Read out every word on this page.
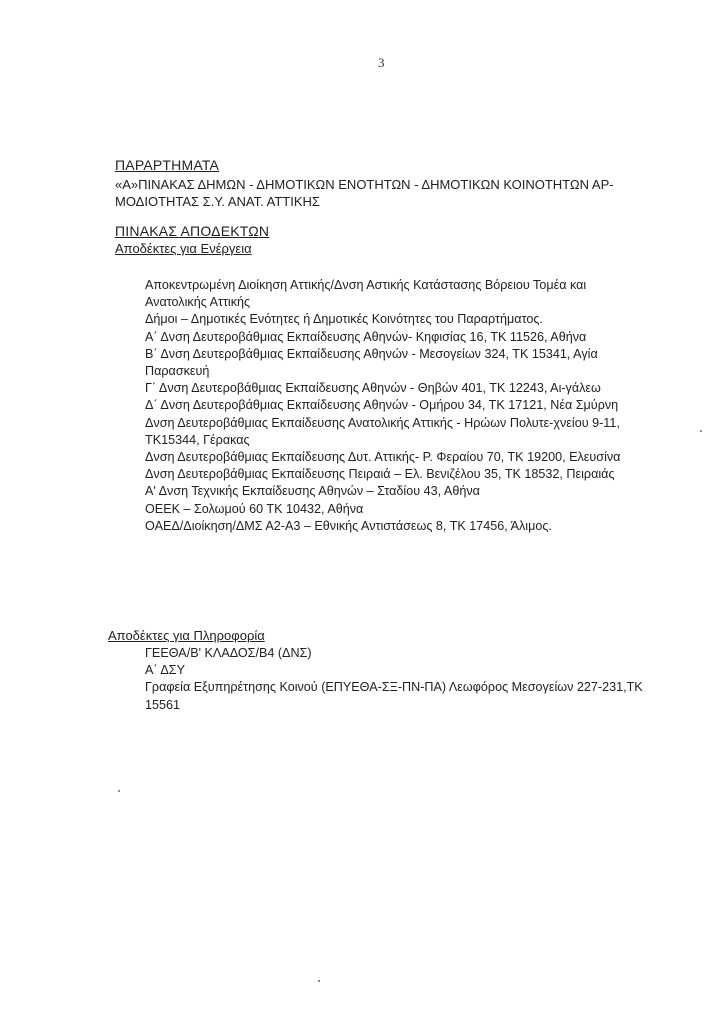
3
ΠΑΡΑΡΤΗΜΑΤΑ
«Α»ΠΙΝΑΚΑΣ ΔΗΜΩΝ - ΔΗΜΟΤΙΚΩΝ ΕΝΟΤΗΤΩΝ - ΔΗΜΟΤΙΚΩΝ ΚΟΙΝΟΤΗΤΩΝ ΑΡ-ΜΟΔΙΟΤΗΤΑΣ Σ.Υ. ΑΝΑΤ. ΑΤΤΙΚΗΣ
ΠΙΝΑΚΑΣ ΑΠΟΔΕΚΤΩΝ
Αποδέκτες για Ενέργεια

Αποκεντρωμένη Διοίκηση Αττικής/Δνση Αστικής Κατάστασης Βόρειου Τομέα και Ανατολικής Αττικής

Δήμοι – Δημοτικές Ενότητες ή Δημοτικές Κοινότητες του Παραρτήματος.

Α΄ Δνση Δευτεροβάθμιας Εκπαίδευσης Αθηνών- Κηφισίας 16, ΤΚ 11526, Αθήνα

Β΄ Δνση Δευτεροβάθμιας Εκπαίδευσης Αθηνών - Μεσογείων 324, ΤΚ 15341, Αγία Παρασκευή

Γ΄ Δνση Δευτεροβάθμιας Εκπαίδευσης Αθηνών - Θηβών 401, ΤΚ 12243, Αι-γάλεω

Δ΄ Δνση Δευτεροβάθμιας Εκπαίδευσης Αθηνών - Ομήρου 34, ΤΚ 17121, Νέα Σμύρνη

Δνση Δευτεροβάθμιας Εκπαίδευσης Ανατολικής Αττικής - Ηρώων Πολυτε-χνείου 9-11, ΤΚ15344, Γέρακας

Δνση Δευτεροβάθμιας Εκπαίδευσης Δυτ. Αττικής- Ρ. Φεραίου 70, ΤΚ 19200, Ελευσίνα

Δνση Δευτεροβάθμιας Εκπαίδευσης Πειραιά – Ελ. Βενιζέλου 35, ΤΚ 18532, Πειραιάς

Α' Δνση Τεχνικής Εκπαίδευσης Αθηνών – Σταδίου 43, Αθήνα

ΟΕΕΚ – Σολωμού 60 ΤΚ 10432, Αθήνα

ΟΑΕΔ/Διοίκηση/ΔΜΣ Α2-Α3 – Εθνικής Αντιστάσεως 8, ΤΚ 17456, Άλιμος.

Αποδέκτες για Πληροφορία

ΓΕΕΘΑ/Β' ΚΛΑΔΟΣ/Β4 (ΔΝΣ)

Α΄ ΔΣΥ

Γραφεία Εξυπηρέτησης Κοινού (ΕΠΥΕΘΑ-ΣΞ-ΠΝ-ΠΑ) Λεωφόρος Μεσογείων 227-231,ΤΚ 15561
